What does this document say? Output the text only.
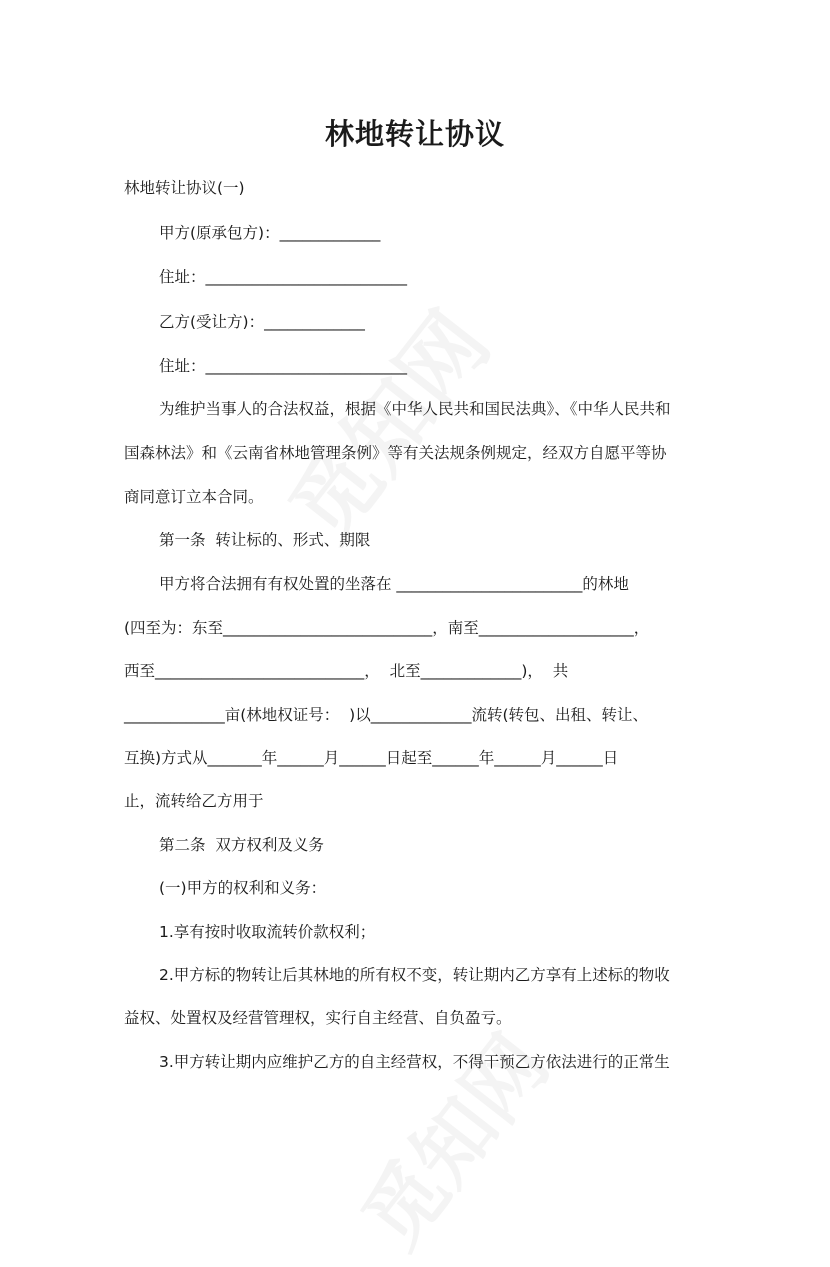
林地转让协议

林地转让协议(一)

甲方(原承包方)：_____________

住址：__________________________

乙方(受让方)：_____________

住址：__________________________

为维护当事人的合法权益，根据《中华人民共和国民法典》、《中华人民共和

国森林法》和《云南省林地管理条例》等有关法规条例规定，经双方自愿平等协

商同意订立本合同。

第一条  转让标的、形式、期限

甲方将合法拥有有权处置的坐落在 ________________________的林地

(四至为：东至___________________________，南至____________________，

西至___________________________，  北至_____________)，  共

_____________亩(林地权证号：  )以_____________流转(转包、出租、转让、

互换)方式从_______年______月______日起至______年______月______日

止，流转给乙方用于

第二条  双方权利及义务

(一)甲方的权利和义务：

1.享有按时收取流转价款权利；

2.甲方标的物转让后其林地的所有权不变，转让期内乙方享有上述标的物收

益权、处置权及经营管理权，实行自主经营、自负盈亏。

3.甲方转让期内应维护乙方的自主经营权，不得干预乙方依法进行的正常生
